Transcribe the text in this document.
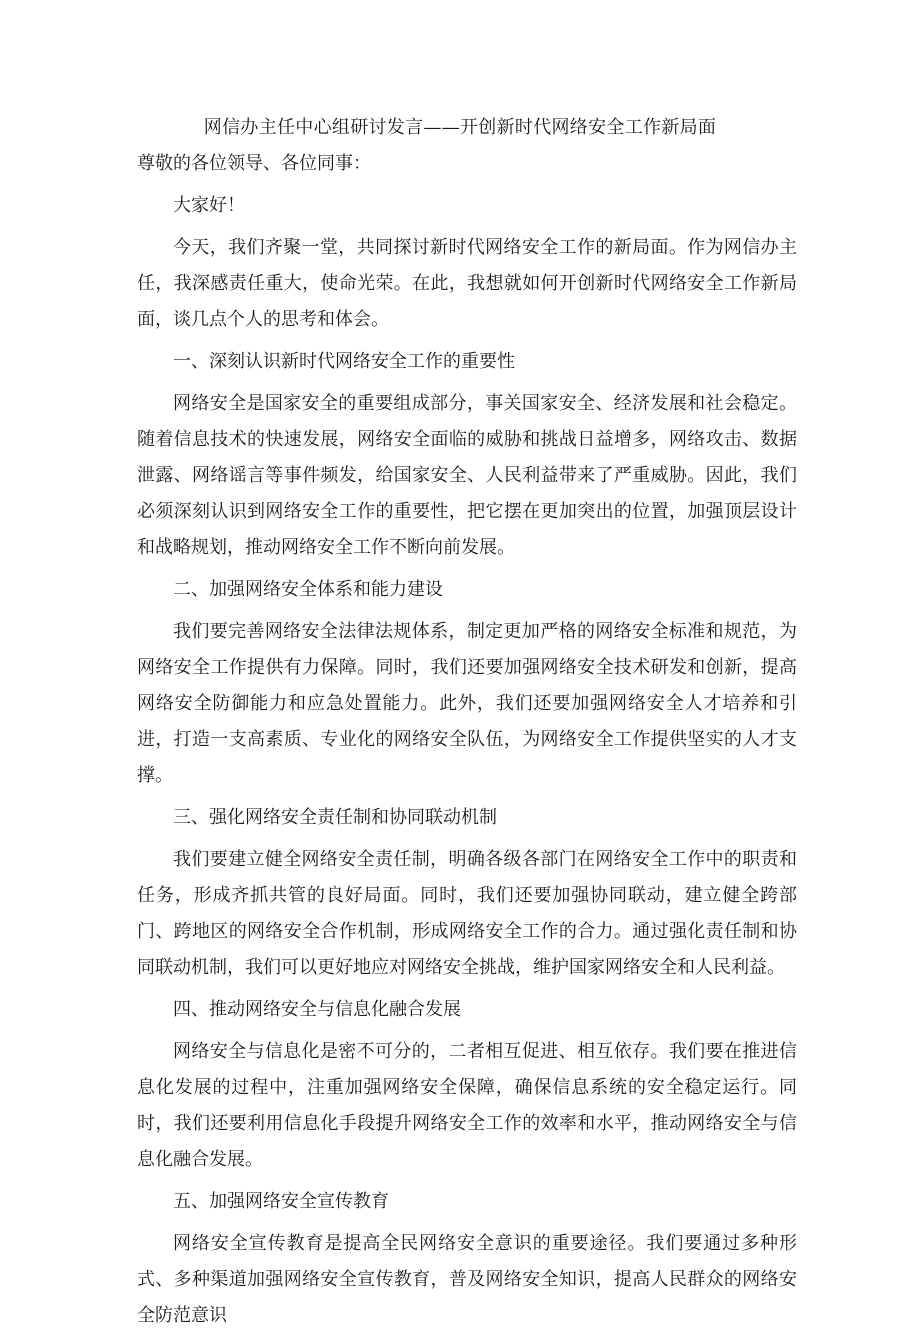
网信办主任中心组研讨发言——开创新时代网络安全工作新局面

尊敬的各位领导、各位同事：

大家好！

今天，我们齐聚一堂，共同探讨新时代网络安全工作的新局面。作为网信办主任，我深感责任重大，使命光荣。在此，我想就如何开创新时代网络安全工作新局面，谈几点个人的思考和体会。

一、深刻认识新时代网络安全工作的重要性

网络安全是国家安全的重要组成部分，事关国家安全、经济发展和社会稳定。随着信息技术的快速发展，网络安全面临的威胁和挑战日益增多，网络攻击、数据泄露、网络谣言等事件频发，给国家安全、人民利益带来了严重威胁。因此，我们必须深刻认识到网络安全工作的重要性，把它摆在更加突出的位置，加强顶层设计和战略规划，推动网络安全工作不断向前发展。

二、加强网络安全体系和能力建设

我们要完善网络安全法律法规体系，制定更加严格的网络安全标准和规范，为网络安全工作提供有力保障。同时，我们还要加强网络安全技术研发和创新，提高网络安全防御能力和应急处置能力。此外，我们还要加强网络安全人才培养和引进，打造一支高素质、专业化的网络安全队伍，为网络安全工作提供坚实的人才支撑。

三、强化网络安全责任制和协同联动机制

我们要建立健全网络安全责任制，明确各级各部门在网络安全工作中的职责和任务，形成齐抓共管的良好局面。同时，我们还要加强协同联动，建立健全跨部门、跨地区的网络安全合作机制，形成网络安全工作的合力。通过强化责任制和协同联动机制，我们可以更好地应对网络安全挑战，维护国家网络安全和人民利益。

四、推动网络安全与信息化融合发展

网络安全与信息化是密不可分的，二者相互促进、相互依存。我们要在推进信息化发展的过程中，注重加强网络安全保障，确保信息系统的安全稳定运行。同时，我们还要利用信息化手段提升网络安全工作的效率和水平，推动网络安全与信息化融合发展。

五、加强网络安全宣传教育

网络安全宣传教育是提高全民网络安全意识的重要途径。我们要通过多种形式、多种渠道加强网络安全宣传教育，普及网络安全知识，提高人民群众的网络安全防范意识
